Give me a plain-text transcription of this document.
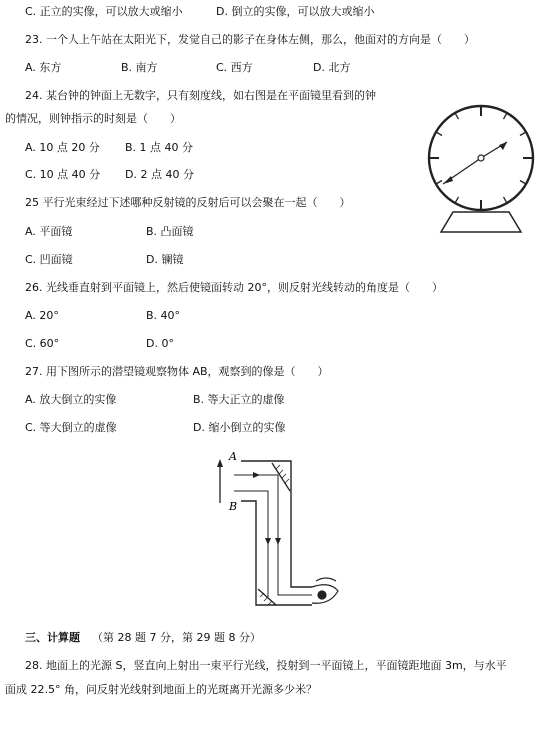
C. 正立的实像，可以放大或缩小	D. 倒立的实像，可以放大或缩小
23. 一个人上午站在太阳光下，发觉自己的影子在身体左侧，那么，他面对的方向是（　　）
A. 东方	B. 南方	C. 西方	D. 北方
24. 某台钟的钟面上无数字，只有刻度线，如右图是在平面镜里看到的钟
的情况，则钟指示的时刻是（　　）
A. 10 点 20 分 B. 1 点 40 分
C. 10 点 40 分 D. 2 点 40 分
25 平行光束经过下述哪种反射镜的反射后可以会聚在一起（　　）
A. 平面镜	B. 凸面镜
C. 凹面镜	D. 镧镜
26. 光线垂直射到平面镜上，然后使镜面转动 20°，则反射光线转动的角度是（　　）
A. 20°	B. 40°
C. 60°	D. 0°
27. 用下图所示的潜望镜观察物体 AB，观察到的像是（　　）
A. 放大倒立的实像	B. 等大正立的虚像
C. 等大倒立的虚像	D. 缩小倒立的实像
A
B
三、计算题 （第 28 题 7 分，第 29 题 8 分）
28. 地面上的光源 S，竖直向上射出一束平行光线，投射到一平面镜上，平面镜距地面 3m，与水平
面成 22.5° 角，问反射光线射到地面上的光斑离开光源多少米？
